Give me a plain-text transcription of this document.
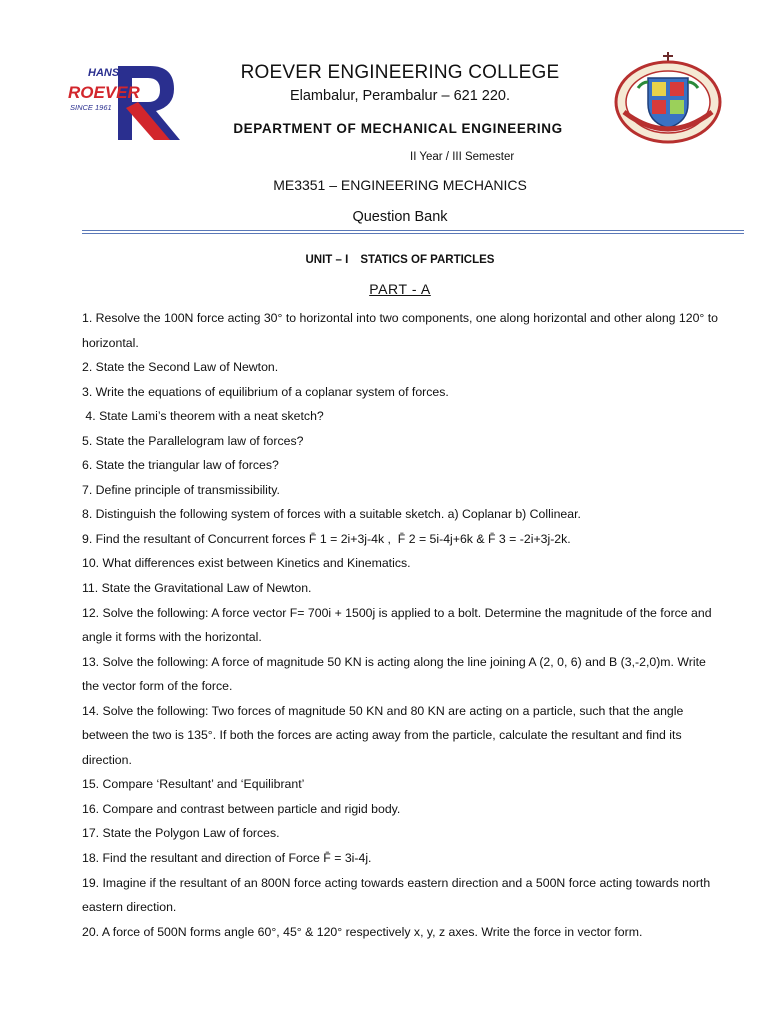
HANS
ROEVER
SINCE 1961
ROEVER ENGINEERING COLLEGE
Elambalur, Perambalur – 621 220.
DEPARTMENT OF MECHANICAL ENGINEERING
II Year / III Semester
ME3351 – ENGINEERING MECHANICS
Question Bank
UNIT – I STATICS OF PARTICLES
PART - A
1. Resolve the 100N force acting 30° to horizontal into two components, one along horizontal and other along 120° to horizontal.
2. State the Second Law of Newton.
3. Write the equations of equilibrium of a coplanar system of forces.
4. State Lami’s theorem with a neat sketch?
5. State the Parallelogram law of forces?
6. State the triangular law of forces?
7. Define principle of transmissibility.
8. Distinguish the following system of forces with a suitable sketch. a) Coplanar b) Collinear.
9. Find the resultant of Concurrent forces F̄ 1 = 2i+3j-4k ,  F̄ 2 = 5i-4j+6k & F̄ 3 = -2i+3j-2k.
10. What differences exist between Kinetics and Kinematics.
11. State the Gravitational Law of Newton.
12. Solve the following: A force vector F= 700i + 1500j is applied to a bolt. Determine the magnitude of the force and angle it forms with the horizontal.
13. Solve the following: A force of magnitude 50 KN is acting along the line joining A (2, 0, 6) and B (3,-2,0)m. Write the vector form of the force.
14. Solve the following: Two forces of magnitude 50 KN and 80 KN are acting on a particle, such that the angle between the two is 135°. If both the forces are acting away from the particle, calculate the resultant and find its direction.
15. Compare ‘Resultant’ and ‘Equilibrant’
16. Compare and contrast between particle and rigid body.
17. State the Polygon Law of forces.
18. Find the resultant and direction of Force F̄ = 3i-4j.
19. Imagine if the resultant of an 800N force acting towards eastern direction and a 500N force acting towards north eastern direction.
20. A force of 500N forms angle 60°, 45° & 120° respectively x, y, z axes. Write the force in vector form.
